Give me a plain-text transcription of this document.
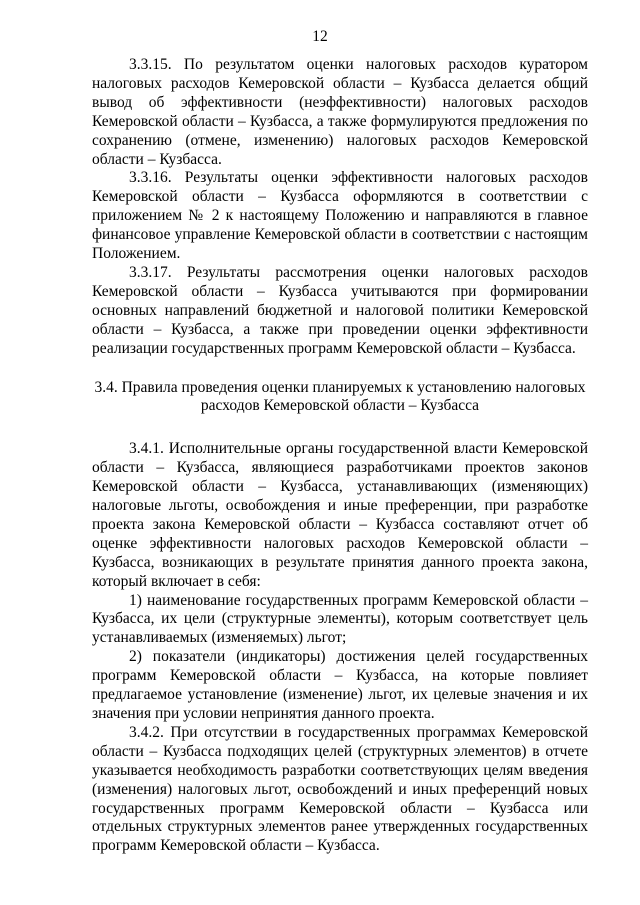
12

3.3.15. По результатом оценки налоговых расходов куратором налоговых расходов Кемеровской области – Кузбасса делается общий вывод об эффективности (неэффективности) налоговых расходов Кемеровской области – Кузбасса, а также формулируются предложения по сохранению (отмене, изменению) налоговых расходов Кемеровской области – Кузбасса.

3.3.16. Результаты оценки эффективности налоговых расходов Кемеровской области – Кузбасса оформляются в соответствии с приложением № 2 к настоящему Положению и направляются в главное финансовое управление Кемеровской области в соответствии с настоящим Положением.

3.3.17. Результаты рассмотрения оценки налоговых расходов Кемеровской области – Кузбасса учитываются при формировании основных направлений бюджетной и налоговой политики Кемеровской области – Кузбасса, а также при проведении оценки эффективности реализации государственных программ Кемеровской области – Кузбасса.

3.4. Правила проведения оценки планируемых к установлению налоговых расходов Кемеровской области – Кузбасса

3.4.1. Исполнительные органы государственной власти Кемеровской области – Кузбасса, являющиеся разработчиками проектов законов Кемеровской области – Кузбасса, устанавливающих (изменяющих) налоговые льготы, освобождения и иные преференции, при разработке проекта закона Кемеровской области – Кузбасса составляют отчет об оценке эффективности налоговых расходов Кемеровской области – Кузбасса, возникающих в результате принятия данного проекта закона, который включает в себя:

1) наименование государственных программ Кемеровской области – Кузбасса, их цели (структурные элементы), которым соответствует цель устанавливаемых (изменяемых) льгот;

2) показатели (индикаторы) достижения целей государственных программ Кемеровской области – Кузбасса, на которые повлияет предлагаемое установление (изменение) льгот, их целевые значения и их значения при условии непринятия данного проекта.

3.4.2. При отсутствии в государственных программах Кемеровской области – Кузбасса подходящих целей (структурных элементов) в отчете указывается необходимость разработки соответствующих целям введения (изменения) налоговых льгот, освобождений и иных преференций новых государственных программ Кемеровской области – Кузбасса или отдельных структурных элементов ранее утвержденных государственных программ Кемеровской области – Кузбасса.
